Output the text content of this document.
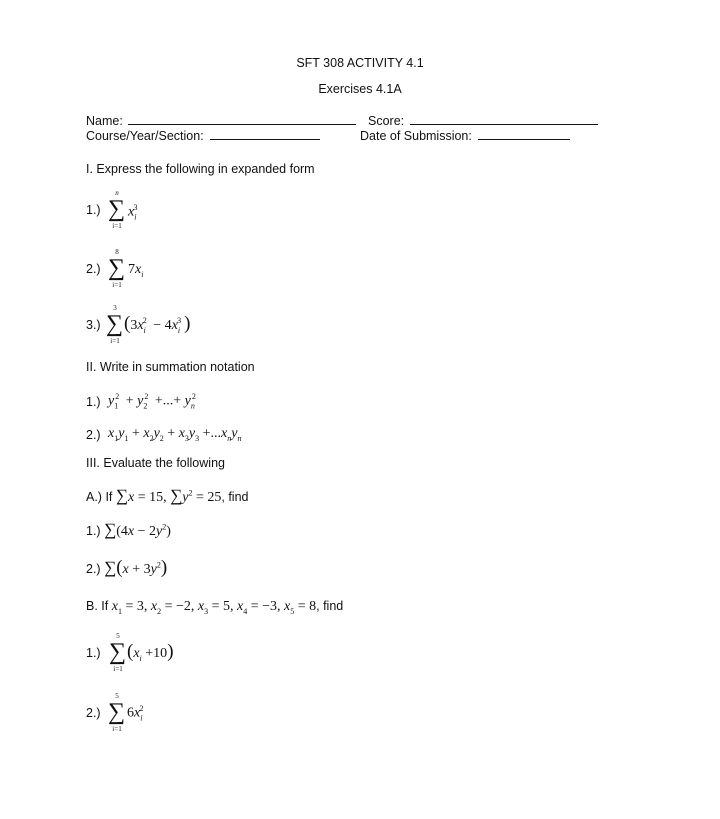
SFT 308 ACTIVITY 4.1
Exercises 4.1A
Name:
Course/Year/Section:
Score:
Date of Submission:
I. Express the following in expanded form
1.)
n
∑
i=1
$x_i^3$
2.)
8
∑
i=1
$7x_i$
3.)
3
∑
i=1
($3x_i^2 - 4x_i^3$ )
II. Write in summation notation
1.) $y_1^2 + y_2^2$ +...+ $y_n^2$
2.) $x_1y_1 + x_2y_2 + x_3y_3 +...x_ny_n$
III. Evaluate the following
A.) If ∑x = 15, $\sum y^2 = 25$, find
1.) $\sum(4x - 2y^2)$
2.) $\sum(x + 3y^2)$
B. If $x_1 = 3$, $x_2 = -2$, $x_3 = 5$, $x_4 = -3$, $x_5 = 8$, find
1.)
5
∑
i=1
$(x_i +10)$
2.)
5
∑
i=1
$6x_i^2$
